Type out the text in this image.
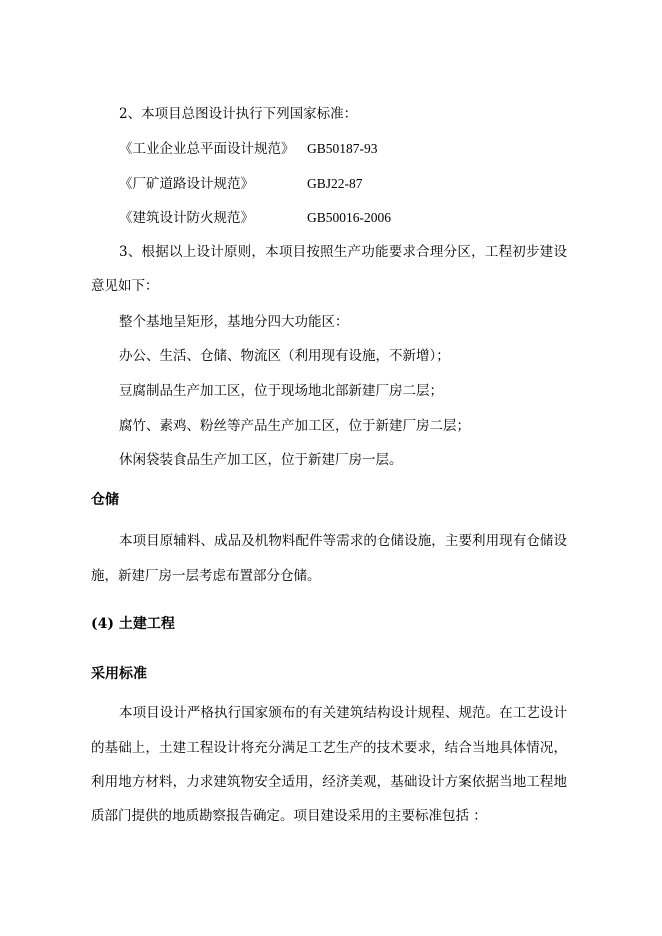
2、本项目总图设计执行下列国家标准：
《工业企业总平面设计规范》 GB50187-93
《厂矿道路设计规范》	GBJ22-87
《建筑设计防火规范》	GB50016-2006
3、根据以上设计原则，本项目按照生产功能要求合理分区，工程初步建设
意见如下：
整个基地呈矩形，基地分四大功能区：
办公、生活、仓储、物流区（利用现有设施，不新增）；
豆腐制品生产加工区，位于现场地北部新建厂房二层；
腐竹、素鸡、粉丝等产品生产加工区，位于新建厂房二层；
休闲袋装食品生产加工区，位于新建厂房一层。
仓储
本项目原辅料、成品及机物料配件等需求的仓储设施，主要利用现有仓储设
施，新建厂房一层考虑布置部分仓储。
(4) 土建工程
采用标准
本项目设计严格执行国家颁布的有关建筑结构设计规程、规范。在工艺设计
的基础上，土建工程设计将充分满足工艺生产的技术要求，结合当地具体情况，
利用地方材料，力求建筑物安全适用，经济美观，基础设计方案依据当地工程地
质部门提供的地质勘察报告确定。项目建设采用的主要标准包括 ：
